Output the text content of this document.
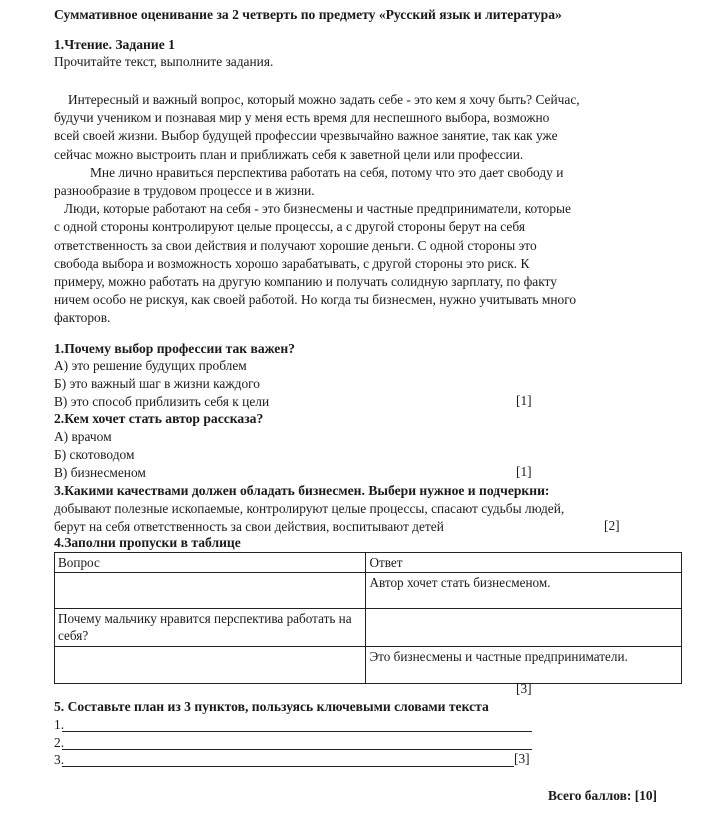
Суммативное оценивание за 2 четверть по предмету «Русский язык и литература»
1.Чтение. Задание 1
Прочитайте текст, выполните задания.
Интересный и важный вопрос, который можно задать себе - это кем я хочу быть? Сейчас,
будучи учеником и познавая мир у меня есть время для неспешного выбора, возможно
всей своей жизни. Выбор будущей профессии чрезвычайно важное занятие, так как уже
сейчас можно выстроить план и приближать себя к заветной цели или профессии.
Мне лично нравиться перспектива работать на себя, потому что это дает свободу и
разнообразие в трудовом процессе и в жизни.
Люди, которые работают на себя - это бизнесмены и частные предприниматели, которые
с одной стороны контролируют целые процессы, а с другой стороны берут на себя
ответственность за свои действия и получают хорошие деньги. С одной стороны это
свобода выбора и возможность хорошо зарабатывать, с другой стороны это риск. К
примеру, можно работать на другую компанию и получать солидную зарплату, по факту
ничем особо не рискуя, как своей работой. Но когда ты бизнесмен, нужно учитывать много
факторов.
1.Почему выбор профессии так важен?
А) это решение будущих проблем
Б) это важный шаг в жизни каждого
В) это способ приблизить себя к цели	[1]
2.Кем хочет стать автор рассказа?
А) врачом
Б) скотоводом
В) бизнесменом	[1]
3.Какими качествами должен обладать бизнесмен. Выбери нужное и подчеркни:
добывают полезные ископаемые, контролируют целые процессы, спасают судьбы людей,
берут на себя ответственность за свои действия, воспитывают детей	[2]
4.Заполни пропуски в таблице
Вопрос	Ответ
	Автор хочет стать бизнесменом.
Почему мальчику нравится перспектива работать на себя?	
	Это бизнесмены и частные предприниматели.
[3]
5. Составьте план из 3 пунктов, пользуясь ключевыми словами текста
1.
2.
3.	[3]
Всего баллов: [10]
